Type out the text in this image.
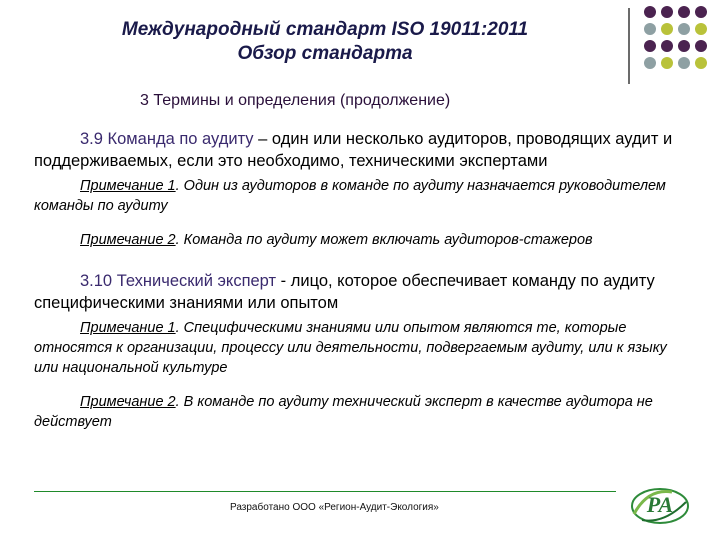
Международный стандарт ISO 19011:2011
Обзор стандарта
3 Термины и определения (продолжение)

3.9 Команда по аудиту – один или несколько аудиторов, проводящих аудит и поддерживаемых, если это необходимо, техническими экспертами

Примечание 1. Один из аудиторов в команде по аудиту назначается руководителем команды по аудиту

Примечание 2. Команда по аудиту может включать аудиторов-стажеров

3.10 Технический эксперт - лицо, которое обеспечивает команду по аудиту специфическими знаниями или опытом

Примечание 1. Специфическими знаниями или опытом являются те, которые относятся к организации, процессу или деятельности, подвергаемым аудиту, или к языку или национальной культуре

Примечание 2. В команде по аудиту технический эксперт в качестве аудитора не действует

Разработано ООО «Регион-Аудит-Экология»	PA
